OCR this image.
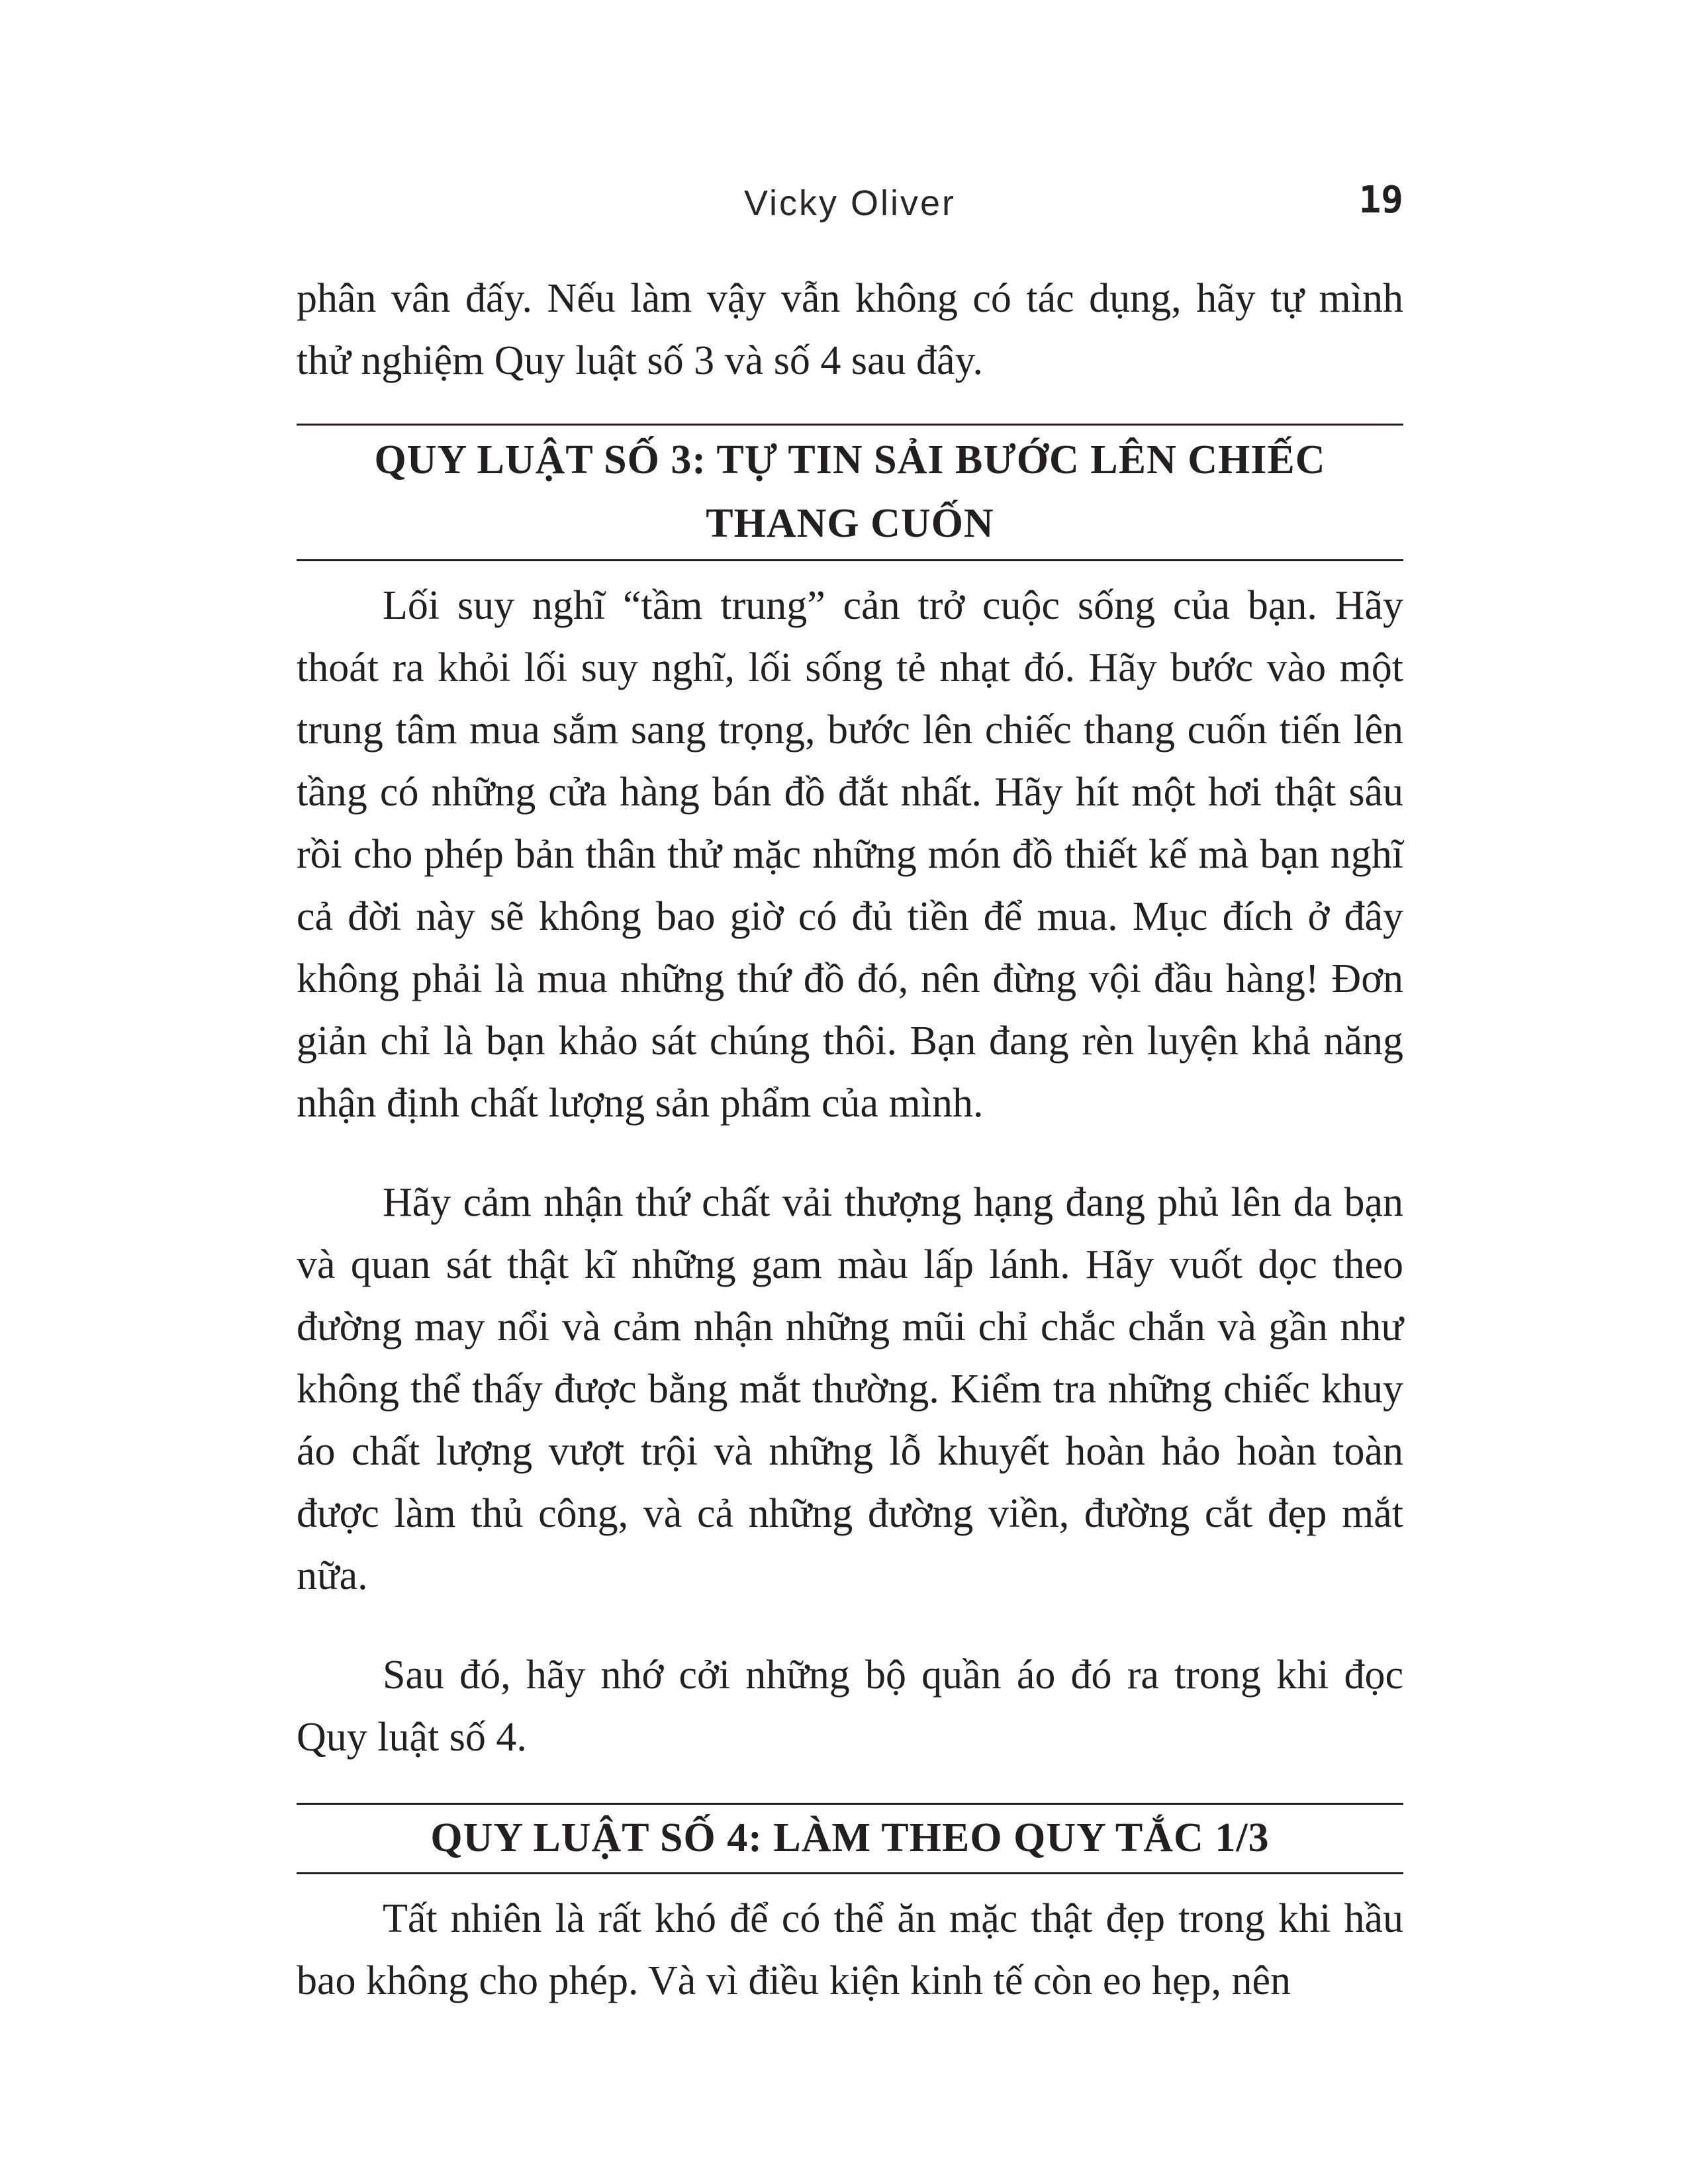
Vicky Oliver	19

phân vân đấy. Nếu làm vậy vẫn không có tác dụng, hãy tự mình thử nghiệm Quy luật số 3 và số 4 sau đây.

QUY LUẬT SỐ 3: TỰ TIN SẢI BƯỚC LÊN CHIẾC
THANG CUỐN

Lối suy nghĩ “tầm trung” cản trở cuộc sống của bạn. Hãy thoát ra khỏi lối suy nghĩ, lối sống tẻ nhạt đó. Hãy bước vào một trung tâm mua sắm sang trọng, bước lên chiếc thang cuốn tiến lên tầng có những cửa hàng bán đồ đắt nhất. Hãy hít một hơi thật sâu rồi cho phép bản thân thử mặc những món đồ thiết kế mà bạn nghĩ cả đời này sẽ không bao giờ có đủ tiền để mua. Mục đích ở đây không phải là mua những thứ đồ đó, nên đừng vội đầu hàng! Đơn giản chỉ là bạn khảo sát chúng thôi. Bạn đang rèn luyện khả năng nhận định chất lượng sản phẩm của mình.

Hãy cảm nhận thứ chất vải thượng hạng đang phủ lên da bạn và quan sát thật kĩ những gam màu lấp lánh. Hãy vuốt dọc theo đường may nổi và cảm nhận những mũi chỉ chắc chắn và gần như không thể thấy được bằng mắt thường. Kiểm tra những chiếc khuy áo chất lượng vượt trội và những lỗ khuyết hoàn hảo hoàn toàn được làm thủ công, và cả những đường viền, đường cắt đẹp mắt nữa.

Sau đó, hãy nhớ cởi những bộ quần áo đó ra trong khi đọc Quy luật số 4.

QUY LUẬT SỐ 4: LÀM THEO QUY TẮC 1/3

Tất nhiên là rất khó để có thể ăn mặc thật đẹp trong khi hầu bao không cho phép. Và vì điều kiện kinh tế còn eo hẹp, nên
